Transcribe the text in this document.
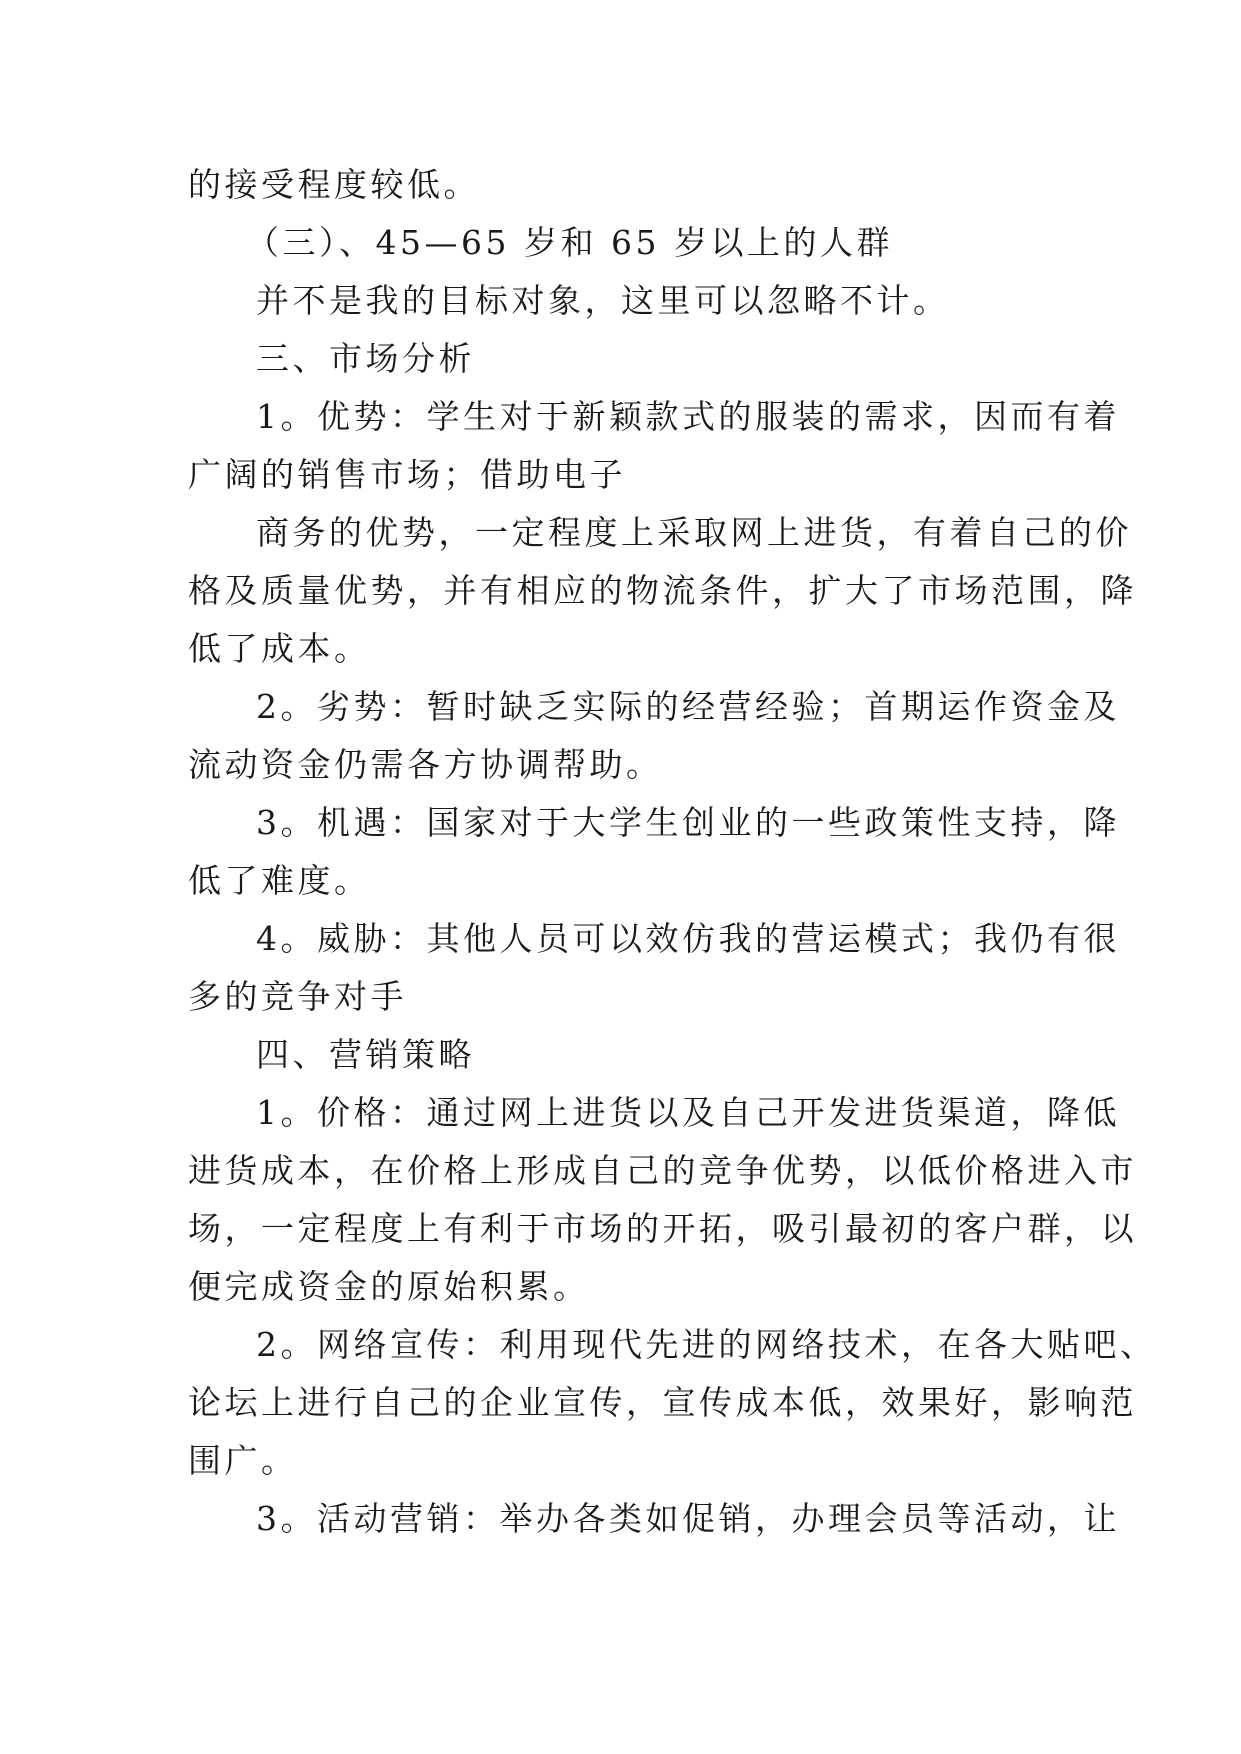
的接受程度较低。
（三）、45—65 岁和 65 岁以上的人群
并不是我的目标对象，这里可以忽略不计。
三、市场分析
1。优势：学生对于新颖款式的服装的需求，因而有着
广阔的销售市场；借助电子
商务的优势，一定程度上采取网上进货，有着自己的价
格及质量优势，并有相应的物流条件，扩大了市场范围，降
低了成本。
2。劣势：暂时缺乏实际的经营经验；首期运作资金及
流动资金仍需各方协调帮助。
3。机遇：国家对于大学生创业的一些政策性支持，降
低了难度。
4。威胁：其他人员可以效仿我的营运模式；我仍有很
多的竞争对手
四、营销策略
1。价格：通过网上进货以及自己开发进货渠道，降低
进货成本，在价格上形成自己的竞争优势，以低价格进入市
场，一定程度上有利于市场的开拓，吸引最初的客户群，以
便完成资金的原始积累。
2。网络宣传：利用现代先进的网络技术，在各大贴吧、
论坛上进行自己的企业宣传，宣传成本低，效果好，影响范
围广。
3。活动营销：举办各类如促销，办理会员等活动，让
